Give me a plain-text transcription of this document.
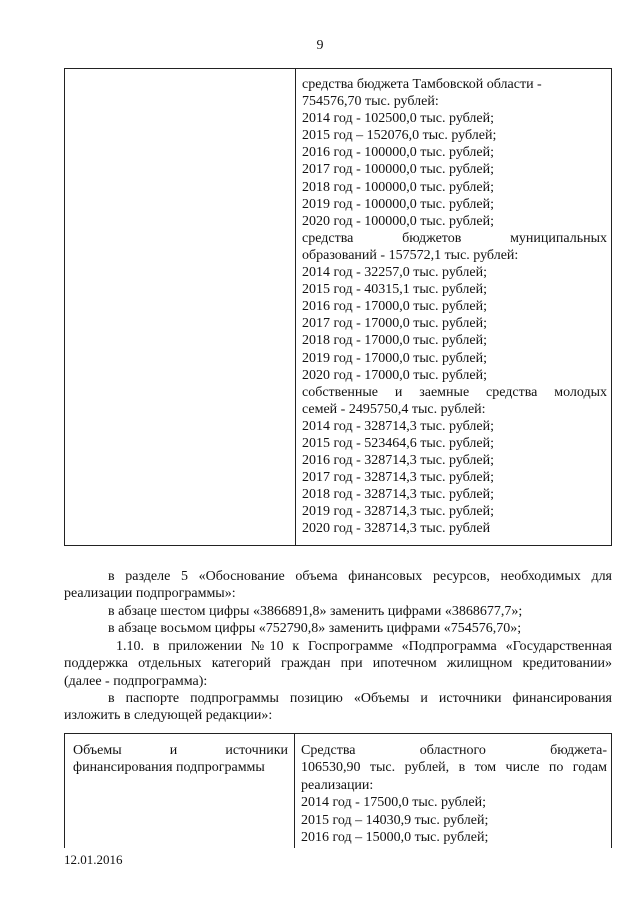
9
средства бюджета Тамбовской области -
754576,70 тыс. рублей:
2014 год - 102500,0 тыс. рублей;
2015 год – 152076,0 тыс. рублей;
2016 год - 100000,0 тыс. рублей;
2017 год - 100000,0 тыс. рублей;
2018 год - 100000,0 тыс. рублей;
2019 год - 100000,0 тыс. рублей;
2020 год - 100000,0 тыс. рублей;
средства бюджетов муниципальных
образований - 157572,1 тыс. рублей:
2014 год - 32257,0 тыс. рублей;
2015 год - 40315,1 тыс. рублей;
2016 год - 17000,0 тыс. рублей;
2017 год - 17000,0 тыс. рублей;
2018 год - 17000,0 тыс. рублей;
2019 год - 17000,0 тыс. рублей;
2020 год - 17000,0 тыс. рублей;
собственные и заемные средства молодых
семей - 2495750,4 тыс. рублей:
2014 год - 328714,3 тыс. рублей;
2015 год - 523464,6 тыс. рублей;
2016 год - 328714,3 тыс. рублей;
2017 год - 328714,3 тыс. рублей;
2018 год - 328714,3 тыс. рублей;
2019 год - 328714,3 тыс. рублей;
2020 год - 328714,3 тыс. рублей
в разделе 5 «Обоснование объема финансовых ресурсов, необходимых для
реализации подпрограммы»:
в абзаце шестом цифры «3866891,8» заменить цифрами «3868677,7»;
в абзаце восьмом цифры «752790,8» заменить цифрами «754576,70»;
1.10. в приложении №10 к Госпрограмме «Подпрограмма «Государственная
поддержка отдельных категорий граждан при ипотечном жилищном кредитовании»
(далее - подпрограмма):
в паспорте подпрограммы позицию «Объемы и источники финансирования
изложить в следующей редакции»:
Объемы и источники
финансирования подпрограммы
Средства областного бюджета-
106530,90 тыс. рублей, в том числе по годам
реализации:
2014 год - 17500,0 тыс. рублей;
2015 год – 14030,9 тыс. рублей;
2016 год – 15000,0 тыс. рублей;
12.01.2016
